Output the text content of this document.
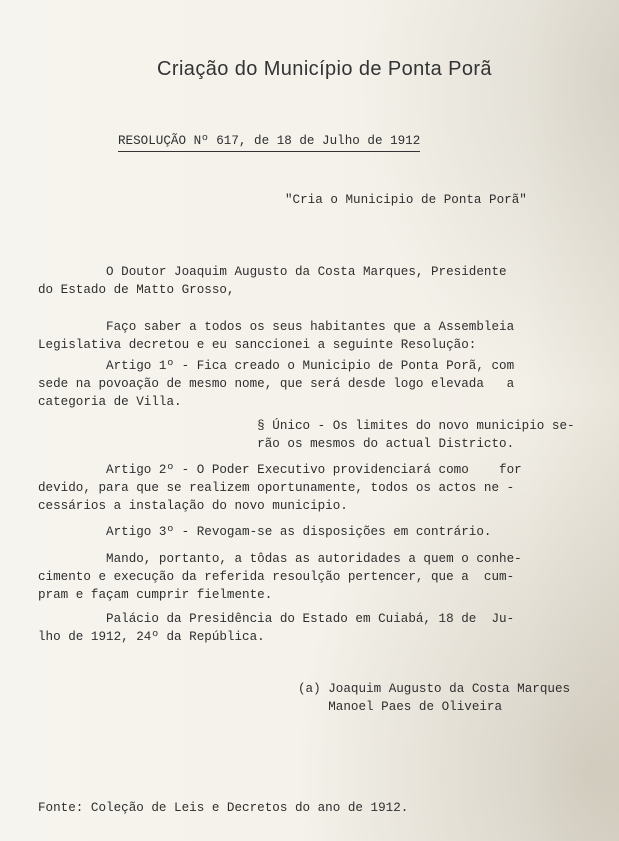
Criação do Município de Ponta Porã
RESOLUÇÃO Nº 617, de 18 de Julho de 1912
"Cria o Municipio de Ponta Porã"
O Doutor Joaquim Augusto da Costa Marques, Presidente
do Estado de Matto Grosso,
Faço saber a todos os seus habitantes que a Assembleia
Legislativa decretou e eu sanccionei a seguinte Resolução:
Artigo 1º - Fica creado o Municipio de Ponta Porã, com
sede na povoação de mesmo nome, que será desde logo elevada   a
categoria de Villa.
§ Único - Os limites do novo municipio se-
rão os mesmos do actual Districto.
Artigo 2º - O Poder Executivo providenciará como    for
devido, para que se realizem oportunamente, todos os actos ne -
cessários a instalação do novo municipio.
Artigo 3º - Revogam-se as disposições em contrário.
Mando, portanto, a tôdas as autoridades a quem o conhe-
cimento e execução da referida resoulção pertencer, que a  cum-
pram e façam cumprir fielmente.
Palácio da Presidência do Estado em Cuiabá, 18 de  Ju-
lho de 1912, 24º da República.
(a) Joaquim Augusto da Costa Marques
Manoel Paes de Oliveira
Fonte: Coleção de Leis e Decretos do ano de 1912.
